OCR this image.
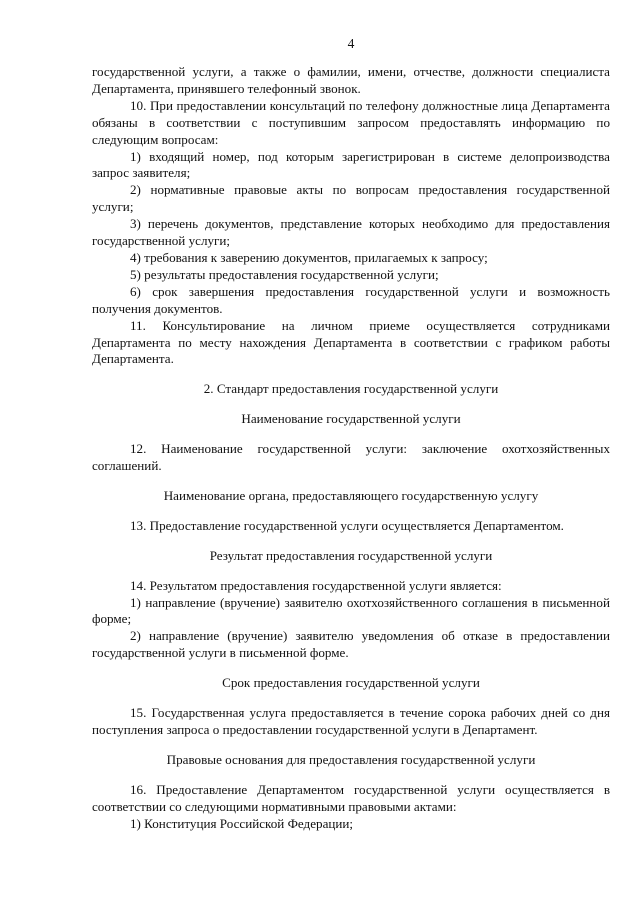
4

государственной услуги, а также о фамилии, имени, отчестве, должности специалиста Департамента, принявшего телефонный звонок.

10. При предоставлении консультаций по телефону должностные лица Департамента обязаны в соответствии с поступившим запросом предоставлять информацию по следующим вопросам:

1) входящий номер, под которым зарегистрирован в системе делопроизводства запрос заявителя;

2) нормативные правовые акты по вопросам предоставления государственной услуги;

3) перечень документов, представление которых необходимо для предоставления государственной услуги;

4) требования к заверению документов, прилагаемых к запросу;

5) результаты предоставления государственной услуги;

6) срок завершения предоставления государственной услуги и возможность получения документов.

11. Консультирование на личном приеме осуществляется сотрудниками Департамента по месту нахождения Департамента в соответствии с графиком работы Департамента.

2. Стандарт предоставления государственной услуги

Наименование государственной услуги

12. Наименование государственной услуги: заключение охотхозяйственных соглашений.

Наименование органа, предоставляющего государственную услугу

13. Предоставление государственной услуги осуществляется Департаментом.

Результат предоставления государственной услуги

14. Результатом предоставления государственной услуги является:

1) направление (вручение) заявителю охотхозяйственного соглашения в письменной форме;

2) направление (вручение) заявителю уведомления об отказе в предоставлении государственной услуги в письменной форме.

Срок предоставления государственной услуги

15. Государственная услуга предоставляется в течение сорока рабочих дней со дня поступления запроса о предоставлении государственной услуги в Департамент.

Правовые основания для предоставления государственной услуги

16. Предоставление Департаментом государственной услуги осуществляется в соответствии со следующими нормативными правовыми актами:

1) Конституция Российской Федерации;
